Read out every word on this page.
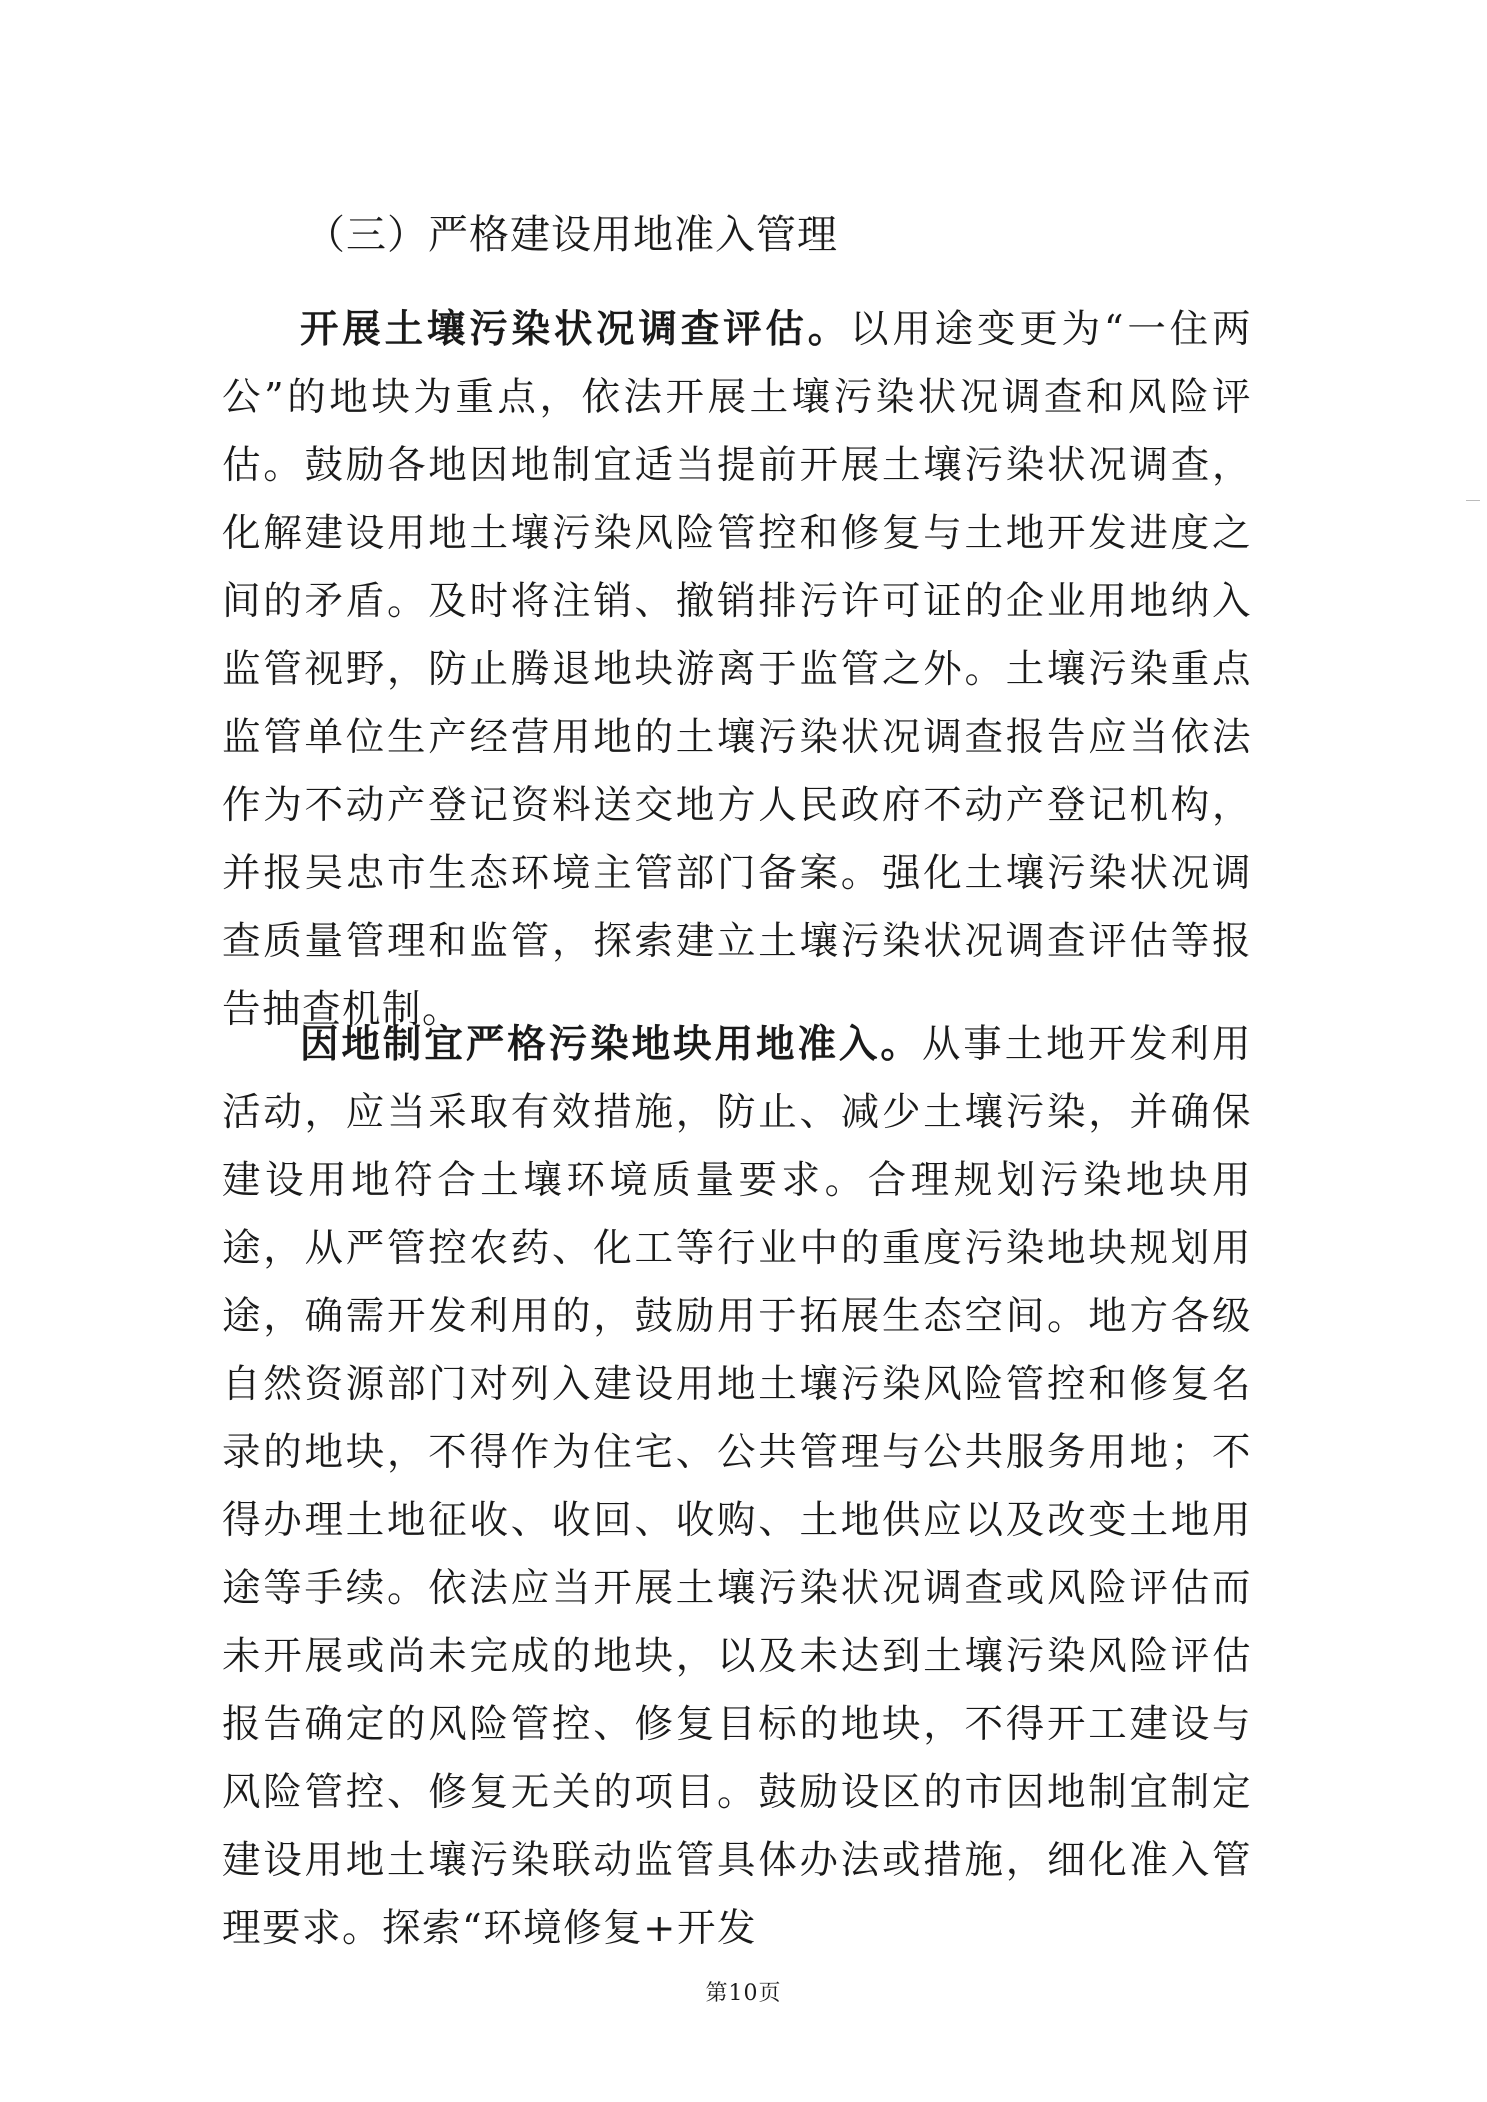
（三）严格建设用地准入管理

开展土壤污染状况调查评估。以用途变更为“一住两公”的地块为重点，依法开展土壤污染状况调查和风险评估。鼓励各地因地制宜适当提前开展土壤污染状况调查，化解建设用地土壤污染风险管控和修复与土地开发进度之间的矛盾。及时将注销、撤销排污许可证的企业用地纳入监管视野，防止腾退地块游离于监管之外。土壤污染重点监管单位生产经营用地的土壤污染状况调查报告应当依法作为不动产登记资料送交地方人民政府不动产登记机构，并报吴忠市生态环境主管部门备案。强化土壤污染状况调查质量管理和监管，探索建立土壤污染状况调查评估等报告抽查机制。

因地制宜严格污染地块用地准入。从事土地开发利用活动，应当采取有效措施，防止、减少土壤污染，并确保建设用地符合土壤环境质量要求。合理规划污染地块用途，从严管控农药、化工等行业中的重度污染地块规划用途，确需开发利用的，鼓励用于拓展生态空间。地方各级自然资源部门对列入建设用地土壤污染风险管控和修复名录的地块，不得作为住宅、公共管理与公共服务用地；不得办理土地征收、收回、收购、土地供应以及改变土地用途等手续。依法应当开展土壤污染状况调查或风险评估而未开展或尚未完成的地块，以及未达到土壤污染风险评估报告确定的风险管控、修复目标的地块，不得开工建设与风险管控、修复无关的项目。鼓励设区的市因地制宜制定建设用地土壤污染联动监管具体办法或措施，细化准入管理要求。探索“环境修复+开发

第10页
